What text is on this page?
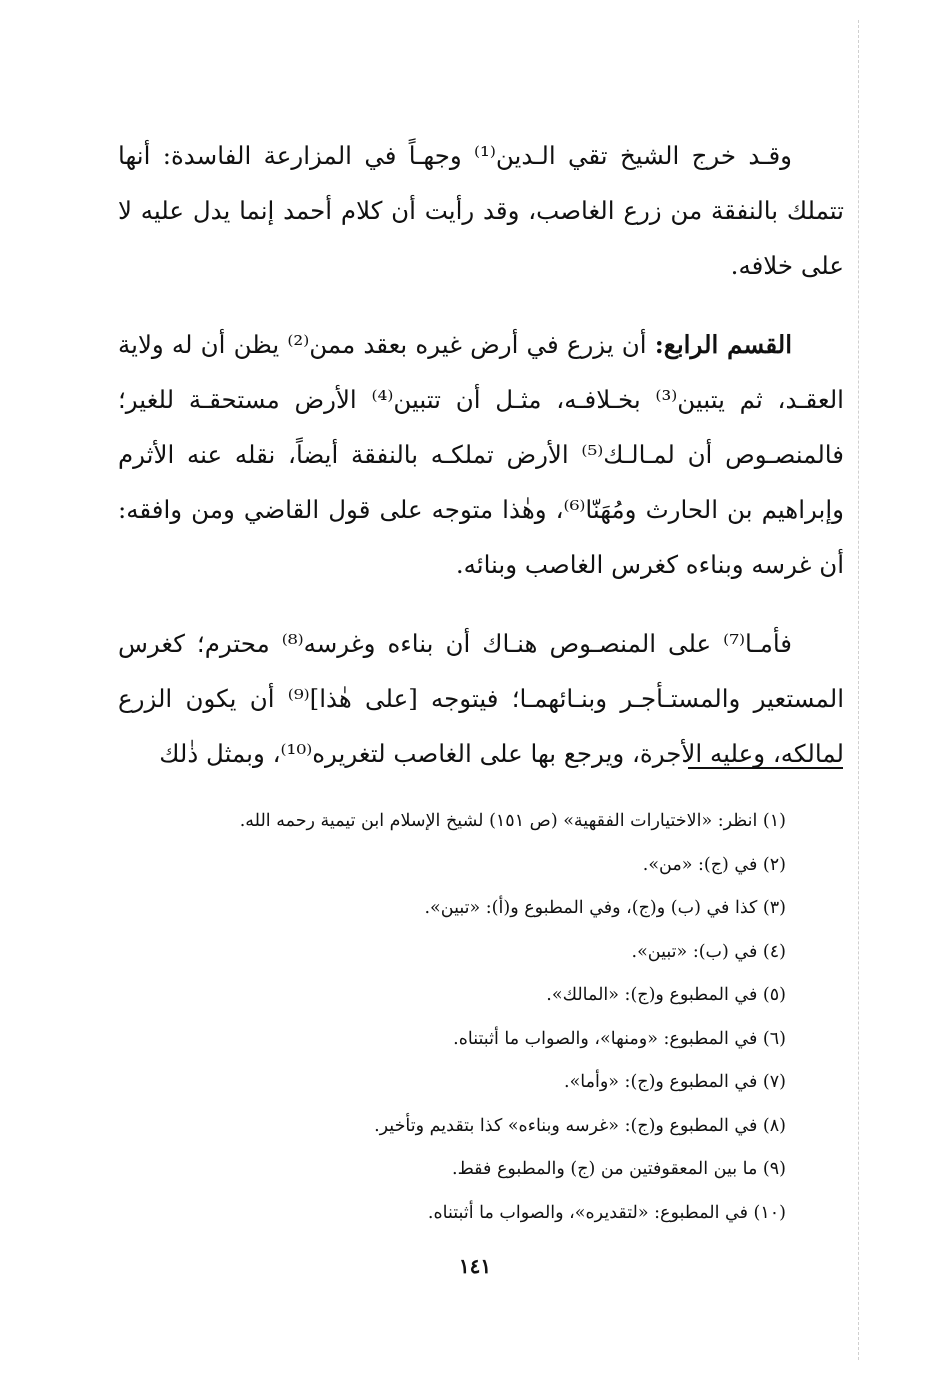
وقـد خرج الشيخ تقي الـدين⁽¹⁾ وجهـاً في المزارعة الفاسدة: أنها تتملك بالنفقة من زرع الغاصب، وقد رأيت أن كلام أحمد إنما يدل عليه لا على خلافه.

القسم الرابع: أن يزرع في أرض غيره بعقد ممن⁽²⁾ يظن أن له ولاية العقـد، ثم يتبين⁽³⁾ بخـلافـه، مثـل أن تتبين⁽⁴⁾ الأرض مستحقـة للغير؛ فالمنصـوص أن لمـالـك⁽⁵⁾ الأرض تملكـه بالنفقة أيضاً، نقله عنه الأثرم وإبراهيم بن الحارث ومُهَنّا⁽⁶⁾، وهٰذا متوجه على قول القاضي ومن وافقه: أن غرسه وبناءه كغرس الغاصب وبنائه.

فأمـا⁽⁷⁾ على المنصـوص هنـاك أن بناءه وغرسه⁽⁸⁾ محترم؛ كغرس المستعير والمستـأجـر وبنـائهمـا؛ فيتوجه [على هٰذا]⁽⁹⁾ أن يكون الزرع لمالكه، وعليه الأجرة، ويرجع بها على الغاصب لتغريره⁽¹⁰⁾، وبمثل ذٰلك

(١) انظر: «الاختيارات الفقهية» (ص ١٥١) لشيخ الإسلام ابن تيمية رحمه الله.
(٢) في (ج): «من».
(٣) كذا في (ب) و(ج)، وفي المطبوع و(أ): «تبين».
(٤) في (ب): «تبين».
(٥) في المطبوع و(ج): «المالك».
(٦) في المطبوع: «ومنها»، والصواب ما أثبتناه.
(٧) في المطبوع و(ج): «وأما».
(٨) في المطبوع و(ج): «غرسه وبناءه» كذا بتقديم وتأخير.
(٩) ما بين المعقوفتين من (ج) والمطبوع فقط.
(١٠) في المطبوع: «لتقديره»، والصواب ما أثبتناه.
١٤١
